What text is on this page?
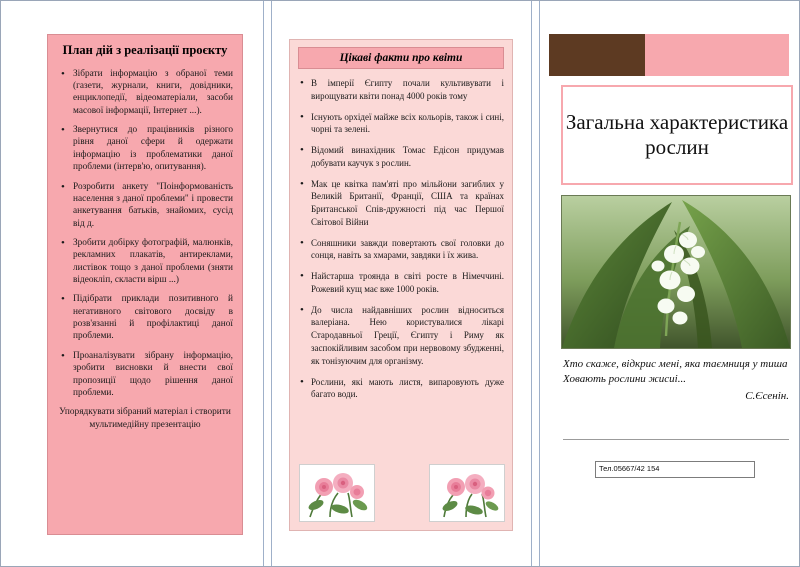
План дій з реалізації проєкту
• Зібрати інформацію з обраної теми (газети, журнали, книги, довідники, енциклопедії, відеоматеріали, засоби масової інформації, Інтернет ...).
• Звернутися до працівників різного рівня даної сфери й одержати інформацію із проблематики даної проблеми (інтерв'ю, опитування).
• Розробити анкету "Поінформованість населення з даної проблеми" і провести анкетування батьків, знайомих, сусід від д.
• Зробити добірку фотографій, малюнків, рекламних плакатів, антиреклами, листівок тощо з даної проблеми (зняти відеокліп, скласти вірш ...)
• Підібрати приклади позитивного й негативного світового досвіду в розв'язанні й профілактиці даної проблеми.
• Проаналізувати зібрану інформацію, зробити висновки й внести свої пропозиції щодо рішення даної проблеми.
Упорядкувати зібраний матеріал і створити мультимедійну презентацію
Цікаві факти про квіти
• В імперії Єгипту почали культивувати і вирощувати квіти понад 4000 років тому
• Існують орхідеї майже всіх кольорів, також і сині, чорні та зелені.
• Відомий винахідник Томас Едісон придумав добувати каучук з рослин.
• Мак це квітка пам'яті про мільйони загиблих у Великій Британії, Франції, США та країнах Британської Спів-дружності під час Першої Світової Війни
• Соняшники завжди повертають свої головки до сонця, навіть за хмарами, завдяки і їх жива.
• Найстарша троянда в світі росте в Німеччині. Рожевий кущ має вже 1000 років.
• До числа найдавніших рослин відноситься валеріана. Нею користувалися лікарі Стародавньої Греції, Єгипту і Риму як заспокійливим засобом при нервовому збудженні, як тонізуючим для організму.
• Рослини, які мають листя, випаровують дуже багато води.
Загальна характеристика рослин
Хто скаже, відкрис мені, яка таємниця у тиша Ховають рослини жисиі...
С.Єсенін.
Тел.05667/42 154
